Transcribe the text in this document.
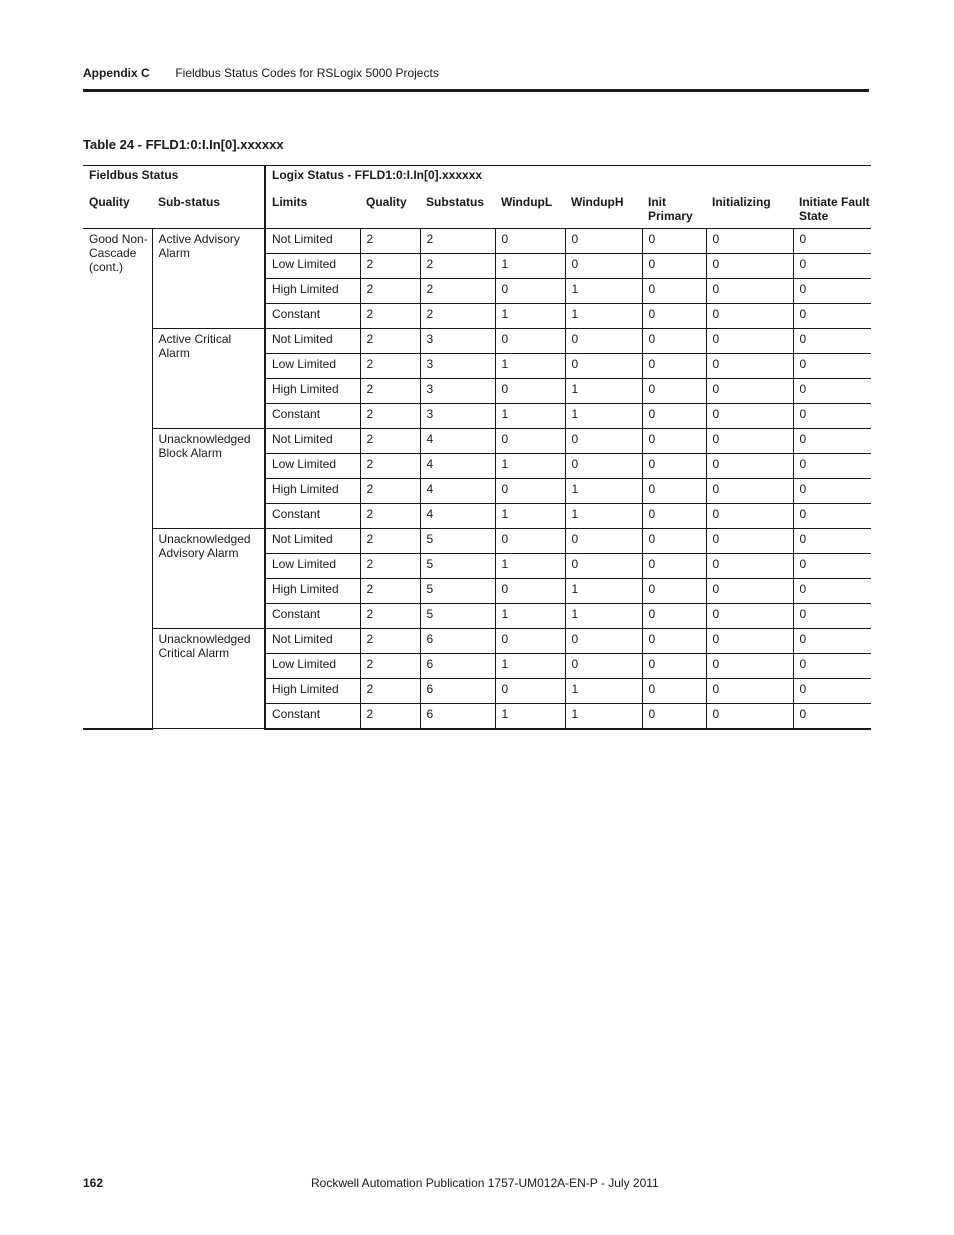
Appendix C Fieldbus Status Codes for RSLogix 5000 Projects
Table 24 - FFLD1:0:I.In[0].xxxxxx
Fieldbus Status		Logix Status - FFLD1:0:I.In[0].xxxxxx							
Quality	Sub-status	Limits	Quality	Substatus	WindupL	WindupH	Init Primary	Initializing	Initiate Fault State
Good Non-Cascade (cont.)	Active Advisory Alarm	Not Limited	2	2	0	0	0	0	0
		Low Limited	2	2	1	0	0	0	0
		High Limited	2	2	0	1	0	0	0
		Constant	2	2	1	1	0	0	0
	Active Critical Alarm	Not Limited	2	3	0	0	0	0	0
		Low Limited	2	3	1	0	0	0	0
		High Limited	2	3	0	1	0	0	0
		Constant	2	3	1	1	0	0	0
	Unacknowledged Block Alarm	Not Limited	2	4	0	0	0	0	0
		Low Limited	2	4	1	0	0	0	0
		High Limited	2	4	0	1	0	0	0
		Constant	2	4	1	1	0	0	0
	Unacknowledged Advisory Alarm	Not Limited	2	5	0	0	0	0	0
		Low Limited	2	5	1	0	0	0	0
		High Limited	2	5	0	1	0	0	0
		Constant	2	5	1	1	0	0	0
	Unacknowledged Critical Alarm	Not Limited	2	6	0	0	0	0	0
		Low Limited	2	6	1	0	0	0	0
		High Limited	2	6	0	1	0	0	0
		Constant	2	6	1	1	0	0	0
162	Rockwell Automation Publication 1757-UM012A-EN-P - July 2011
